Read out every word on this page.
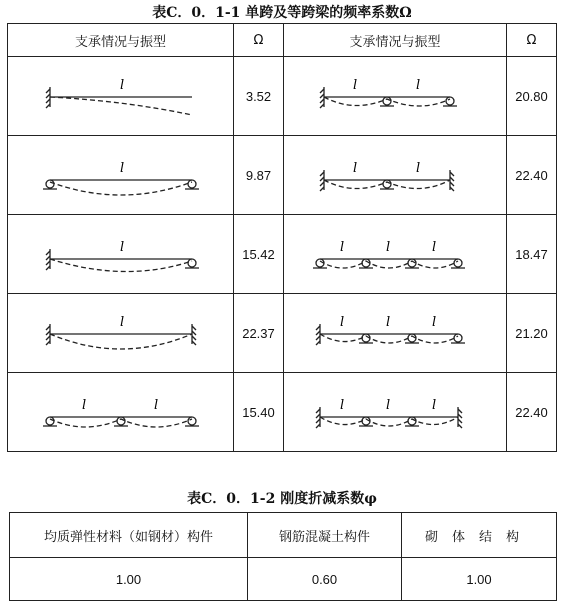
表C．0．1-1 单跨及等跨梁的频率系数Ω
支承情况与振型	Ω	支承情况与振型	Ω

l	3.52	l l	20.80

l	9.87	l l	22.40

l	15.42	l l l	18.47

l	22.37	l l l	21.20

l l	15.40	l l l	22.40
表C．0．1-2 刚度折减系数φ
均质弹性材料（如钢材）构件	钢筋混凝土构件	砌体结构
1.00	0.60	1.00
